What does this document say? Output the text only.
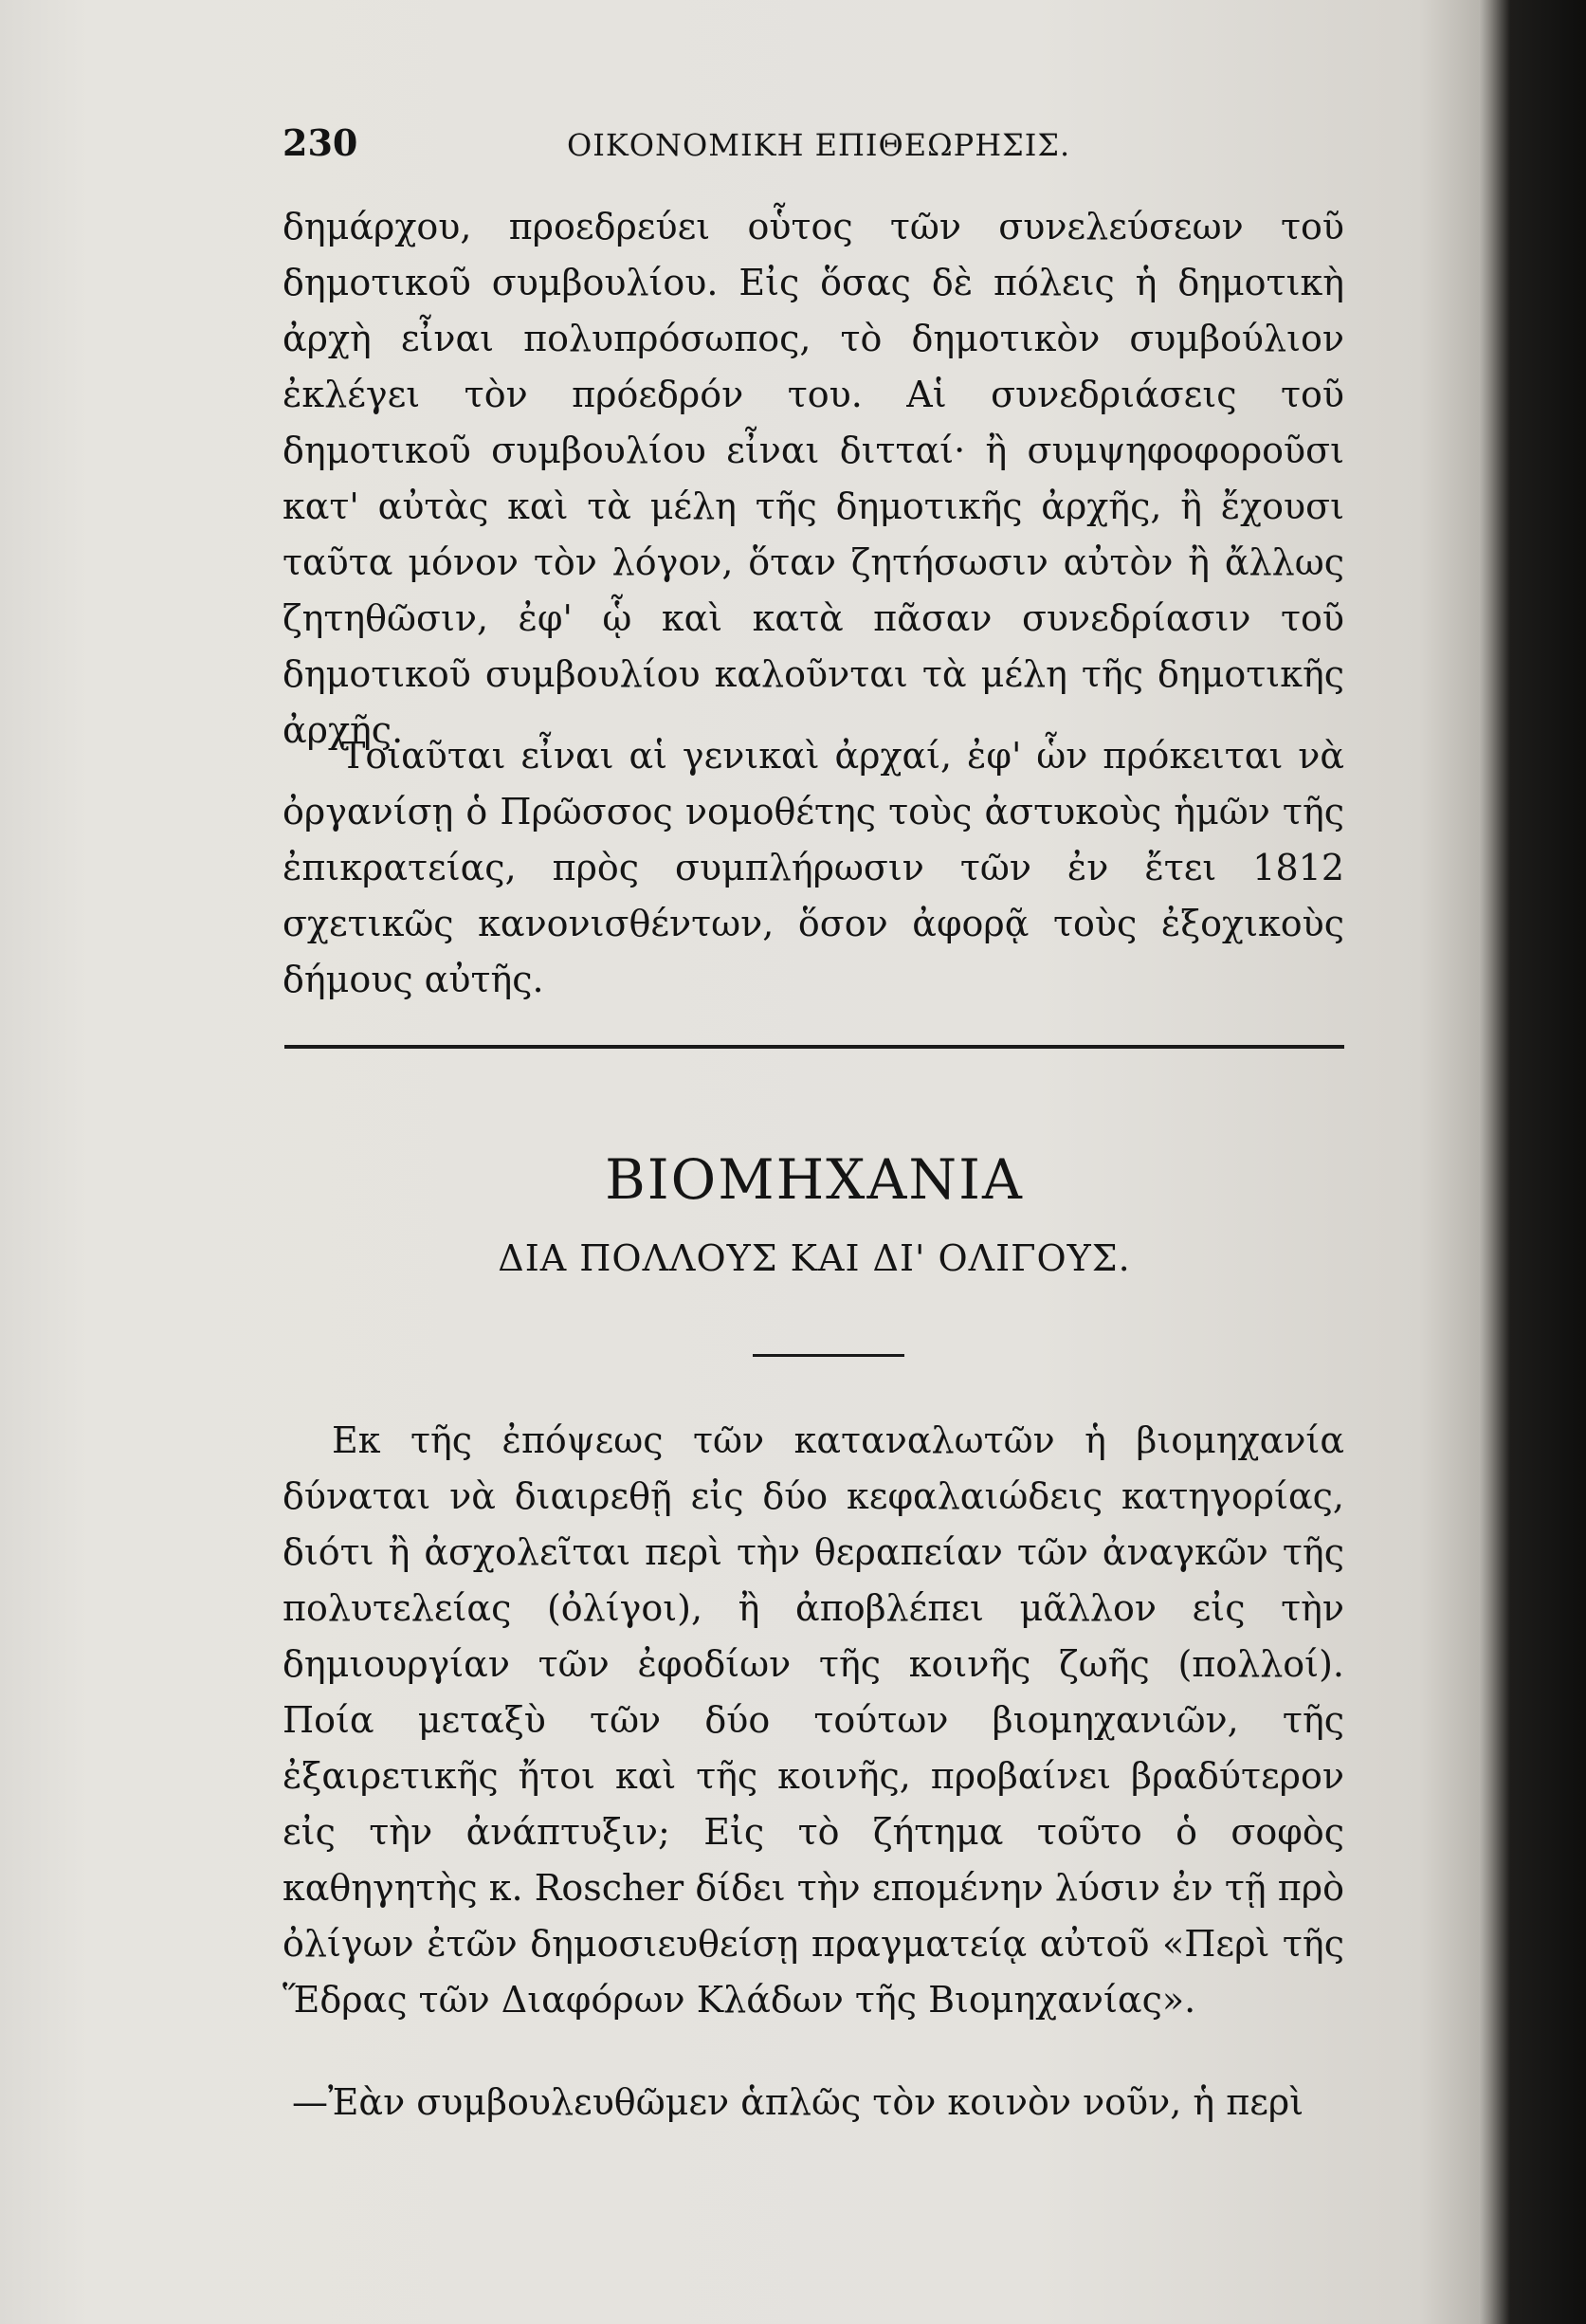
230	ΟΙΚΟΝΟΜΙΚΗ ΕΠΙΘΕΩΡΗΣΙΣ.

δημάρχου, προεδρεύει οὗτος τῶν συνελεύσεων τοῦ δημοτικοῦ συμβουλίου. Εἰς ὅσας δὲ πόλεις ἡ δημοτικὴ ἀρχὴ εἶναι πολυπρόσωπος, τὸ δημοτικὸν συμβούλιον ἐκλέγει τὸν πρόεδρόν του. Αἱ συνεδριάσεις τοῦ δημοτικοῦ συμβουλίου εἶναι διτταί· ἢ συμψηφοφοροῦσι κατ' αὐτὰς καὶ τὰ μέλη τῆς δημοτικῆς ἀρχῆς, ἢ ἔχουσι ταῦτα μόνον τὸν λόγον, ὅταν ζητήσωσιν αὐτὸν ἢ ἄλλως ζητηθῶσιν, ἐφ' ᾧ καὶ κατὰ πᾶσαν συνεδρίασιν τοῦ δημοτικοῦ συμβουλίου καλοῦνται τὰ μέλη τῆς δημοτικῆς ἀρχῆς.

Τοιαῦται εἶναι αἱ γενικαὶ ἀρχαί, ἐφ' ὧν πρόκειται νὰ ὀργανίσῃ ὁ Πρῶσσος νομοθέτης τοὺς ἀστυκοὺς ἡμῶν τῆς ἐπικρατείας, πρὸς συμπλήρωσιν τῶν ἐν ἔτει 1812 σχετικῶς κανονισθέντων, ὅσον ἀφορᾷ τοὺς ἐξοχικοὺς δήμους αὐτῆς.

ΒΙΟΜΗΧΑΝΙΑ
ΔΙΑ ΠΟΛΛΟΥΣ ΚΑΙ ΔΙ' ΟΛΙΓΟΥΣ.

Εκ τῆς ἐπόψεως τῶν καταναλωτῶν ἡ βιομηχανία δύναται νὰ διαιρεθῇ εἰς δύο κεφαλαιώδεις κατηγορίας, διότι ἢ ἀσχολεῖται περὶ τὴν θεραπείαν τῶν ἀναγκῶν τῆς πολυτελείας (ὀλίγοι), ἢ ἀποβλέπει μᾶλλον εἰς τὴν δημιουργίαν τῶν ἐφοδίων τῆς κοινῆς ζωῆς (πολλοί). Ποία μεταξὺ τῶν δύο τούτων βιομηχανιῶν, τῆς ἐξαιρετικῆς ἤτοι καὶ τῆς κοινῆς, προβαίνει βραδύτερον εἰς τὴν ἀνάπτυξιν; Εἰς τὸ ζήτημα τοῦτο ὁ σοφὸς καθηγητὴς κ. Roscher δίδει τὴν επομένην λύσιν ἐν τῇ πρὸ ὀλίγων ἐτῶν δημοσιευθείσῃ πραγματείᾳ αὐτοῦ «Περὶ τῆς Ἕδρας τῶν Διαφόρων Κλάδων τῆς Βιομηχανίας».

—Ἐὰν συμβουλευθῶμεν ἁπλῶς τὸν κοινὸν νοῦν, ἡ περὶ
